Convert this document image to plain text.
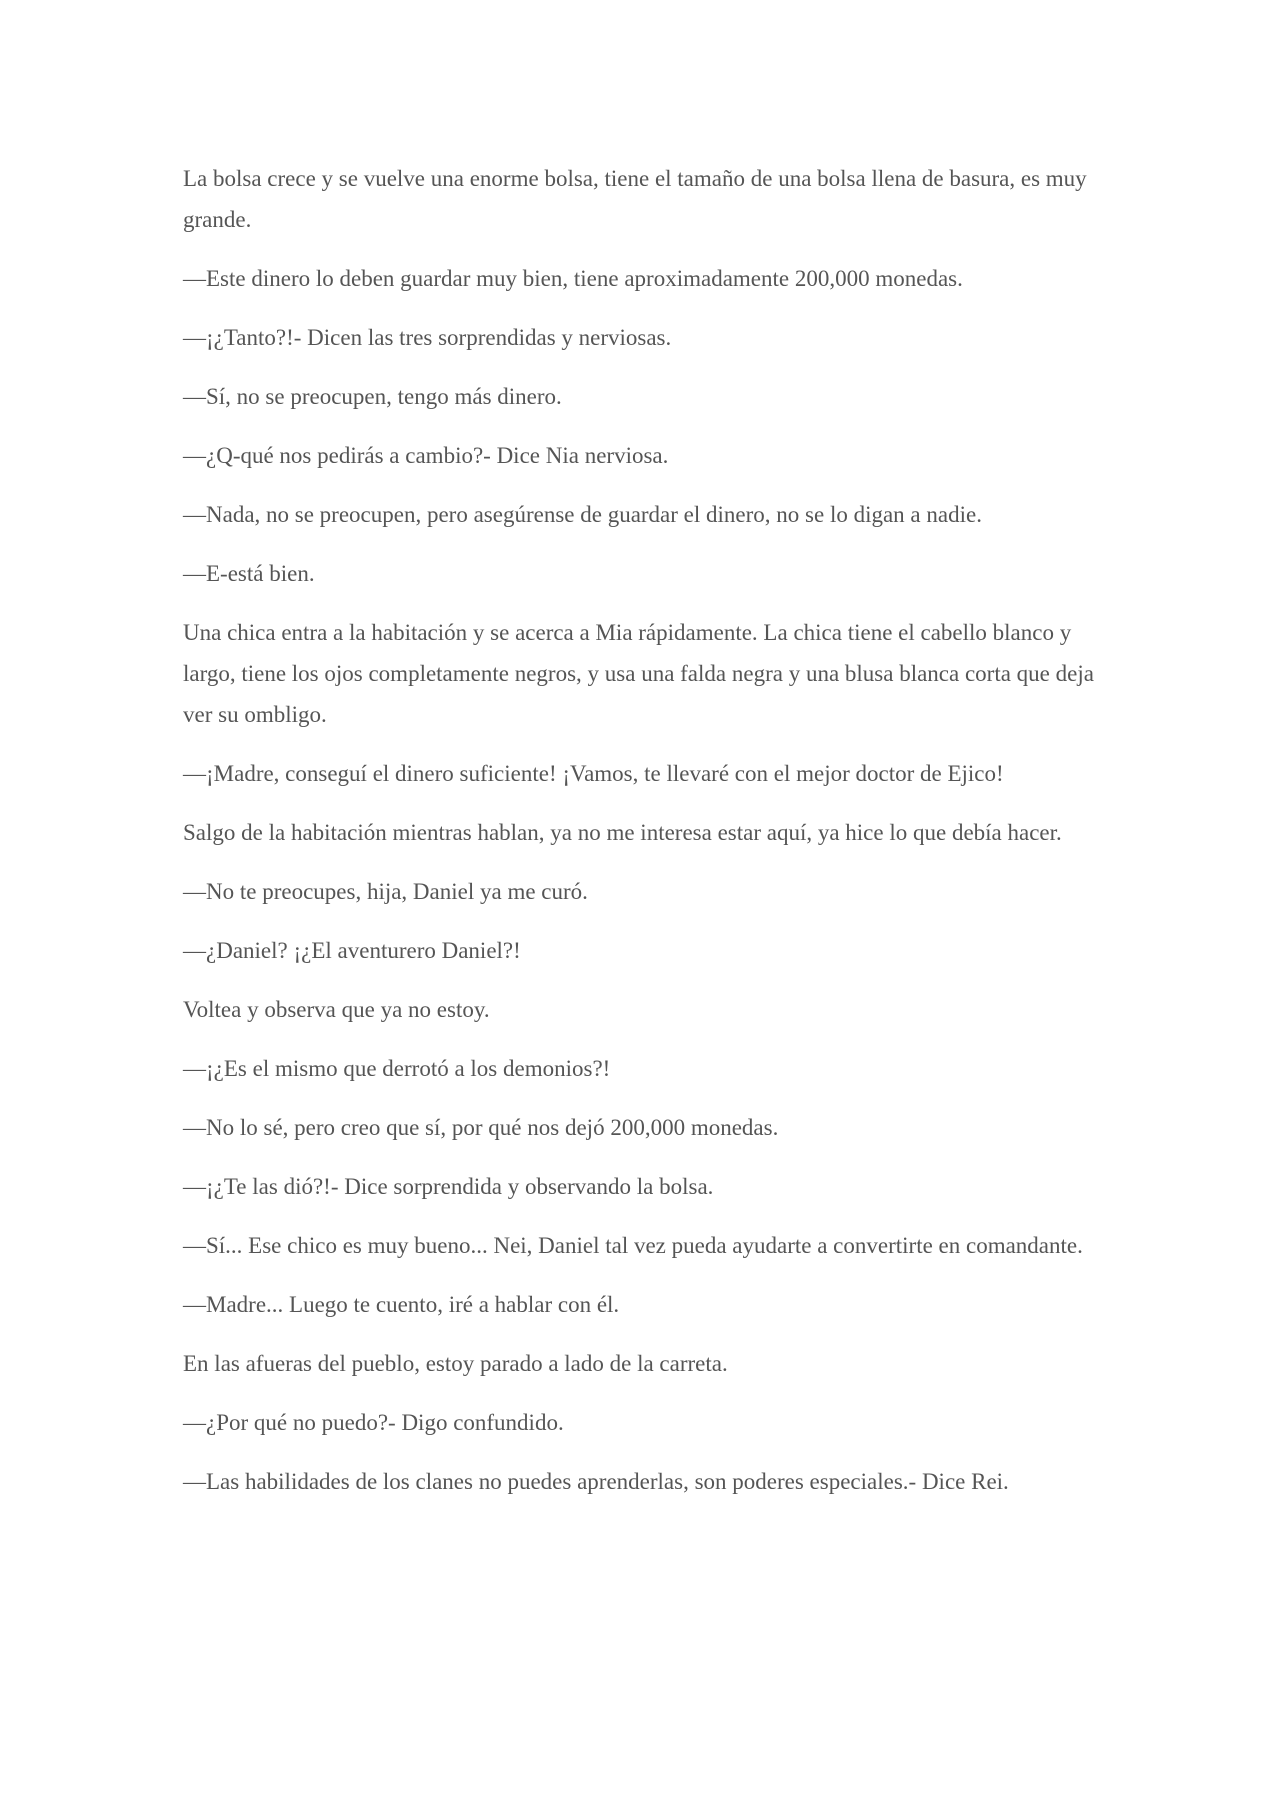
La bolsa crece y se vuelve una enorme bolsa, tiene el tamaño de una bolsa llena de basura, es muy grande.

—Este dinero lo deben guardar muy bien, tiene aproximadamente 200,000 monedas.

—¡¿Tanto?!- Dicen las tres sorprendidas y nerviosas.

—Sí, no se preocupen, tengo más dinero.

—¿Q-qué nos pedirás a cambio?- Dice Nia nerviosa.

—Nada, no se preocupen, pero asegúrense de guardar el dinero, no se lo digan a nadie.

—E-está bien.

Una chica entra a la habitación y se acerca a Mia rápidamente. La chica tiene el cabello blanco y largo, tiene los ojos completamente negros, y usa una falda negra y una blusa blanca corta que deja ver su ombligo.

—¡Madre, conseguí el dinero suficiente! ¡Vamos, te llevaré con el mejor doctor de Ejico!

Salgo de la habitación mientras hablan, ya no me interesa estar aquí, ya hice lo que debía hacer.

—No te preocupes, hija, Daniel ya me curó.

—¿Daniel? ¡¿El aventurero Daniel?!

Voltea y observa que ya no estoy.

—¡¿Es el mismo que derrotó a los demonios?!

—No lo sé, pero creo que sí, por qué nos dejó 200,000 monedas.

—¡¿Te las dió?!- Dice sorprendida y observando la bolsa.

—Sí... Ese chico es muy bueno... Nei, Daniel tal vez pueda ayudarte a convertirte en comandante.

—Madre... Luego te cuento, iré a hablar con él.

En las afueras del pueblo, estoy parado a lado de la carreta.

—¿Por qué no puedo?- Digo confundido.

—Las habilidades de los clanes no puedes aprenderlas, son poderes especiales.- Dice Rei.
